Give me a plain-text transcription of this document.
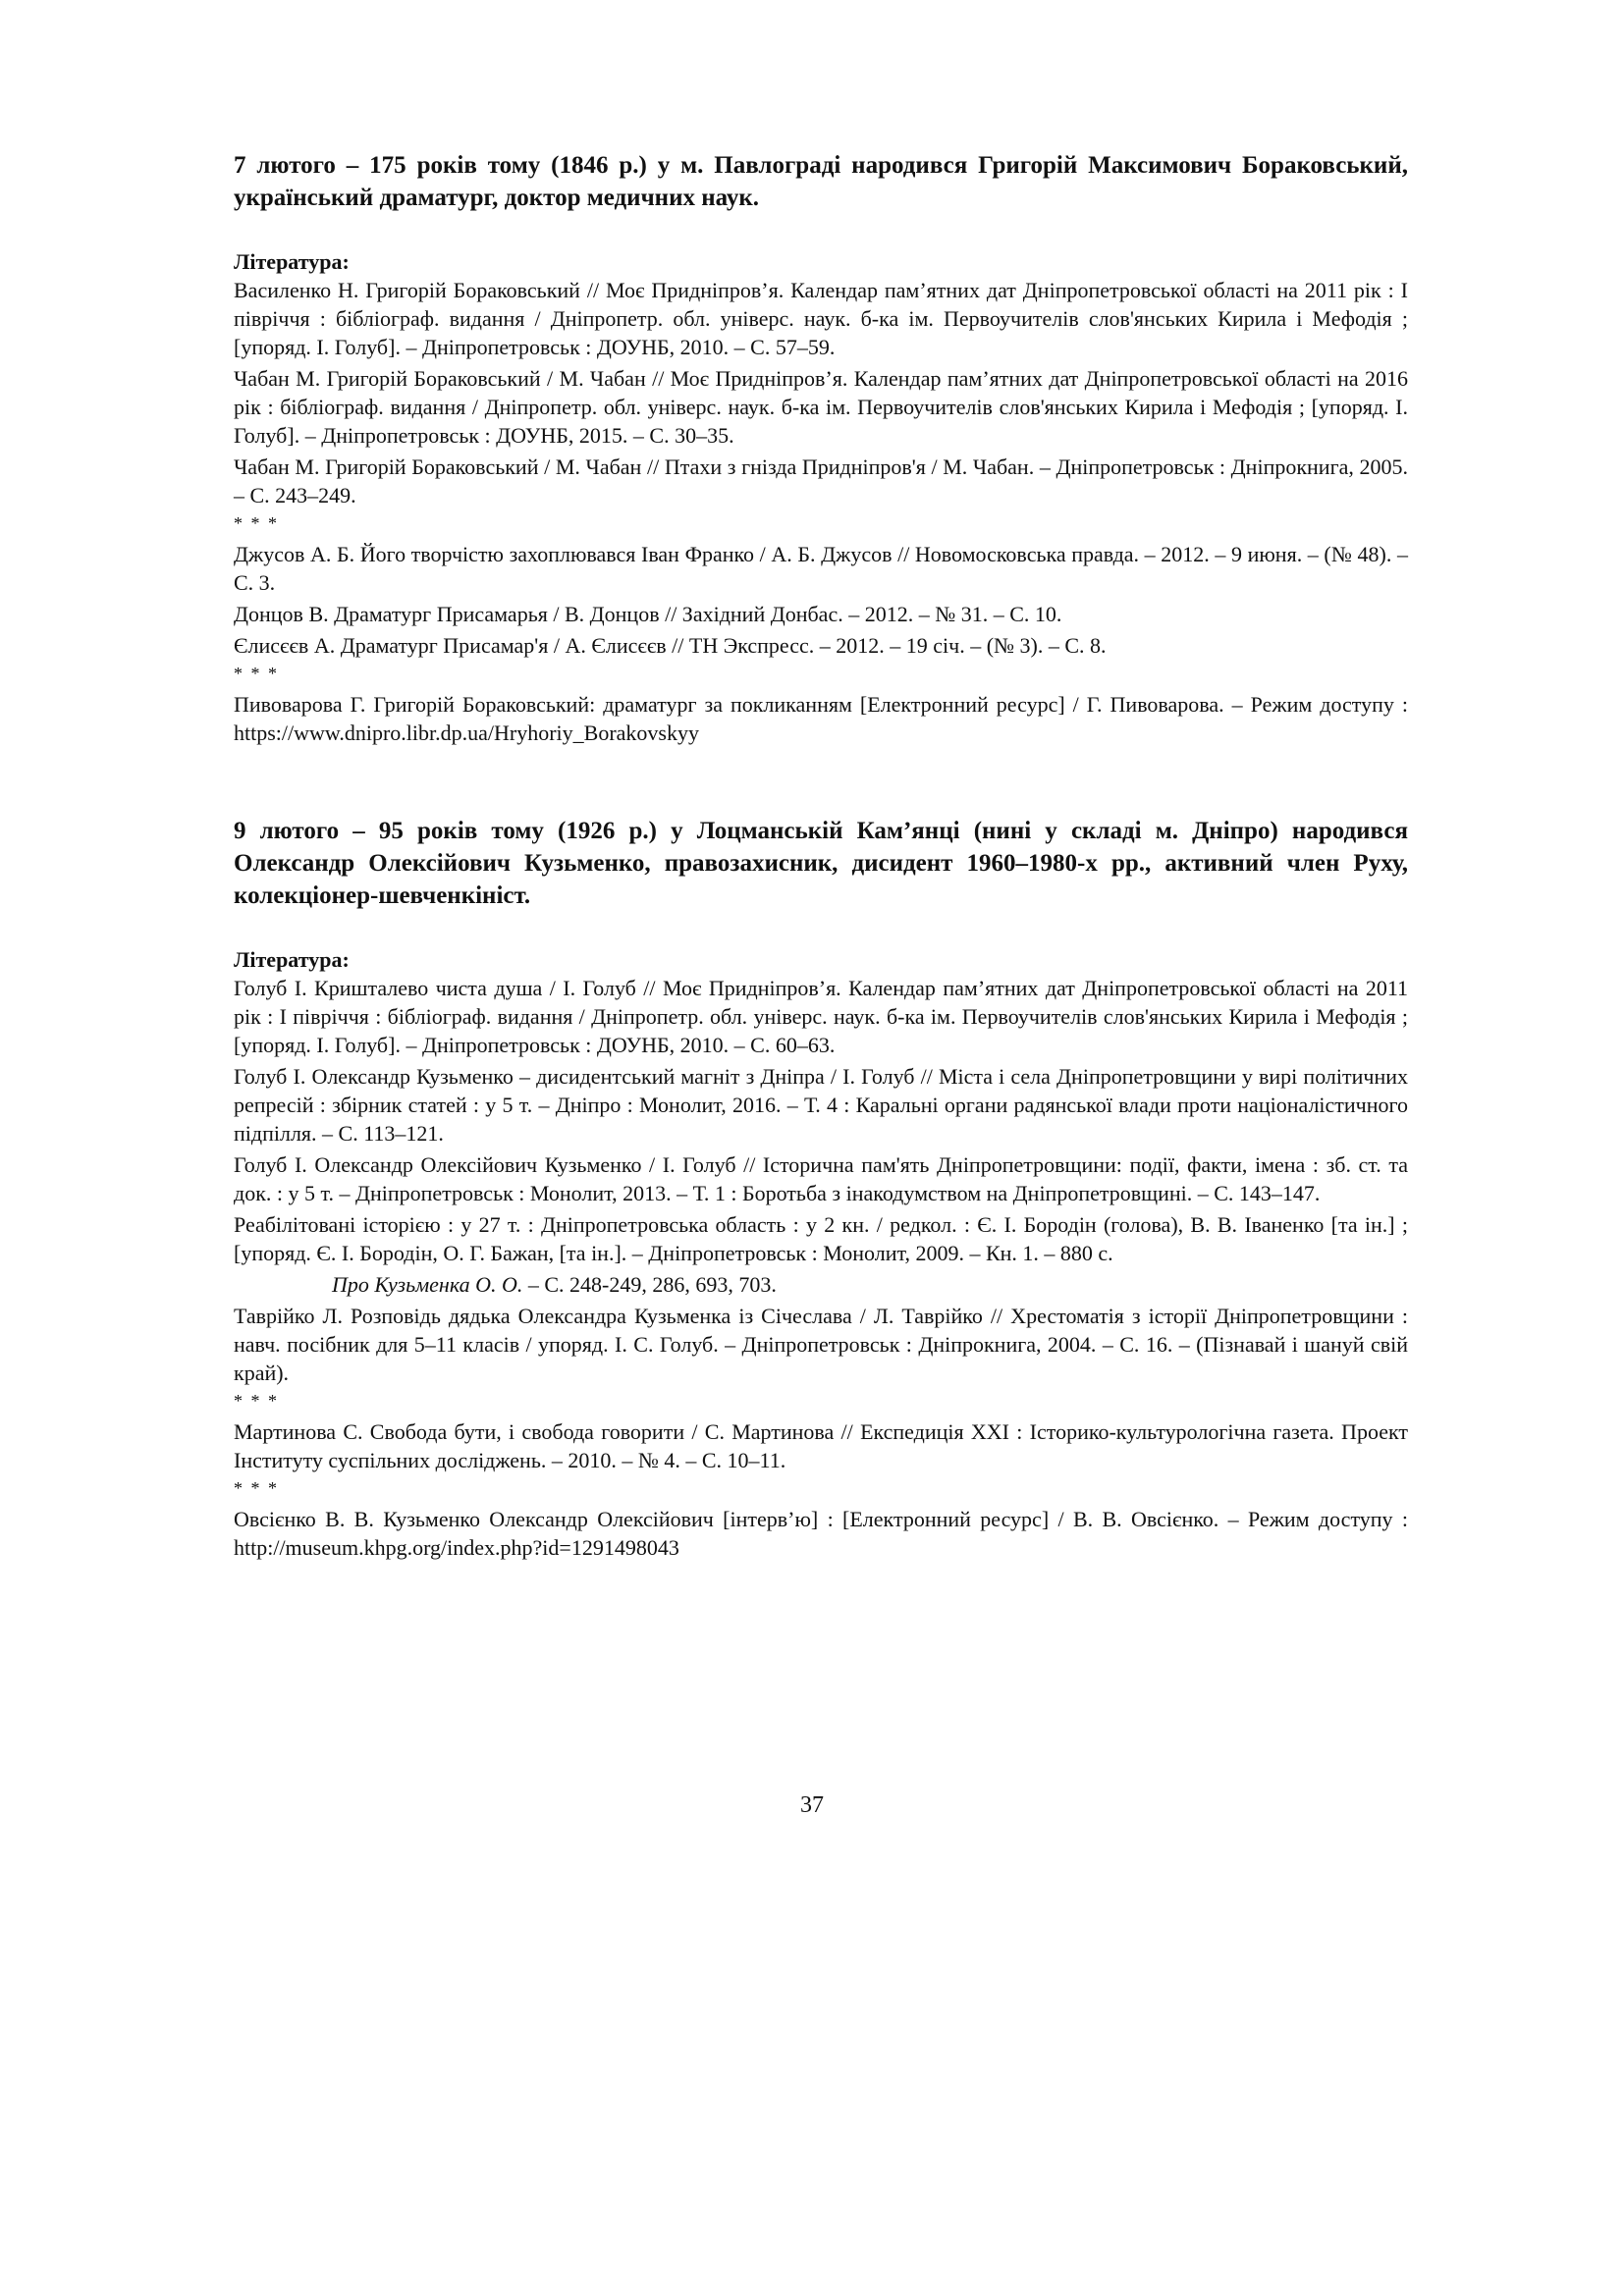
7 лютого – 175 років тому (1846 р.) у м. Павлограді народився Григорій Максимович Бораковський, український драматург, доктор медичних наук.

Література:

Василенко Н. Григорій Бораковський // Моє Придніпров’я. Календар пам’ятних дат Дніпропетровської області на 2011 рік : І півріччя : бібліограф. видання / Дніпропетр. обл. універс. наук. б-ка ім. Первоучителів слов'янських Кирила і Мефодія ; [упоряд. І. Голуб]. – Дніпропетровськ : ДОУНБ, 2010. – С. 57–59.

Чабан М. Григорій Бораковський / М. Чабан // Моє Придніпров’я. Календар пам’ятних дат Дніпропетровської області на 2016 рік : бібліограф. видання / Дніпропетр. обл. універс. наук. б-ка ім. Первоучителів слов'янських Кирила і Мефодія ; [упоряд. І. Голуб]. – Дніпропетровськ : ДОУНБ, 2015. – С. 30–35.

Чабан М. Григорій Бораковський / М. Чабан // Птахи з гнізда Придніпров'я / М. Чабан. – Дніпропетровськ : Дніпрокнига, 2005. – С. 243–249.

* * *

Джусов А. Б. Його творчістю захоплювався Іван Франко / А. Б. Джусов // Новомосковська правда. – 2012. – 9 июня. – (№ 48). – С. 3.

Донцов В. Драматург Присамарья / В. Донцов // Західний Донбас. – 2012. – № 31. – С. 10.

Єлисєєв А. Драматург Присамар'я / А. Єлисєєв // ТН Экспресс. – 2012. – 19 січ. – (№ 3). – С. 8.

* * *

Пивоварова Г. Григорій Бораковський: драматург за покликанням [Електронний ресурс] / Г. Пивоварова. – Режим доступу : https://www.dnipro.libr.dp.ua/Hryhoriy_Borakovskyy

9 лютого – 95 років тому (1926 р.) у Лоцманській Кам’янці (нині у складі м. Дніпро) народився Олександр Олексійович Кузьменко, правозахисник, дисидент 1960–1980-х рр., активний член Руху, колекціонер-шевченкініст.

Література:

Голуб І. Кришталево чиста душа / І. Голуб // Моє Придніпров’я. Календар пам’ятних дат Дніпропетровської області на 2011 рік : І півріччя : бібліограф. видання / Дніпропетр. обл. універс. наук. б-ка ім. Первоучителів слов'янських Кирила і Мефодія ; [упоряд. І. Голуб]. – Дніпропетровськ : ДОУНБ, 2010. – С. 60–63.

Голуб І. Олександр Кузьменко – дисидентський магніт з Дніпра / І. Голуб // Міста і села Дніпропетровщини у вирі політичних репресій : збірник статей : у 5 т. – Дніпро : Монолит, 2016. – Т. 4 : Каральні органи радянської влади проти націоналістичного підпілля. – С. 113–121.

Голуб І. Олександр Олексійович Кузьменко / І. Голуб // Історична пам'ять Дніпропетровщини: події, факти, імена : зб. ст. та док. : у 5 т. – Дніпропетровськ : Монолит, 2013. – Т. 1 : Боротьба з інакодумством на Дніпропетровщині. – С. 143–147.

Реабілітовані історією : у 27 т. : Дніпропетровська область : у 2 кн. / редкол. : Є. І. Бородін (голова), В. В. Іваненко [та ін.] ; [упоряд. Є. І. Бородін, О. Г. Бажан, [та ін.]. – Дніпропетровськ : Монолит, 2009. – Кн. 1. – 880 с.

Про Кузьменка О. О. – С. 248-249, 286, 693, 703.

Таврійко Л. Розповідь дядька Олександра Кузьменка із Січеслава / Л. Таврійко // Хрестоматія з історії Дніпропетровщини : навч. посібник для 5–11 класів / упоряд. І. С. Голуб. – Дніпропетровськ : Дніпрокнига, 2004. – С. 16. – (Пізнавай і шануй свій край).

* * *

Мартинова С. Свобода бути, і свобода говорити / С. Мартинова // Експедиція XXI : Історико-культурологічна газета. Проект Інституту суспільних досліджень. – 2010. – № 4. – С. 10–11.

* * *

Овсієнко В. В. Кузьменко Олександр Олексійович [інтерв’ю] : [Електронний ресурс] / В. В. Овсієнко. – Режим доступу : http://museum.khpg.org/index.php?id=1291498043

37
